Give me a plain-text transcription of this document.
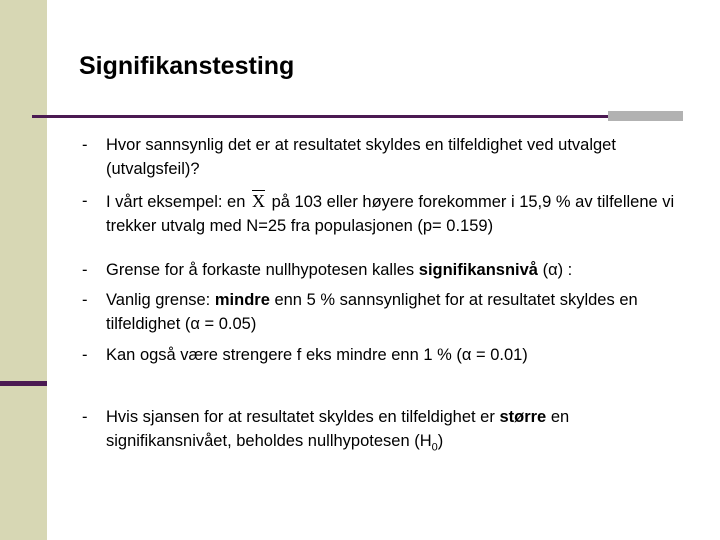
Signifikanstesting
- Hvor sannsynlig det er at resultatet skyldes en tilfeldighet ved utvalget (utvalgsfeil)?
- I vårt eksempel: en $\overline{X}$ på 103 eller høyere forekommer i 15,9 % av tilfellene vi trekker utvalg med N=25 fra populasjonen (p= 0.159)
- Grense for å forkaste nullhypotesen kalles signifikansnivå (α) :
- Vanlig grense: mindre enn 5 % sannsynlighet for at resultatet skyldes en tilfeldighet (α = 0.05)
- Kan også være strengere f eks mindre enn 1 % (α = 0.01)
- Hvis sjansen for at resultatet skyldes en tilfeldighet er større en signifikansnivået, beholdes nullhypotesen $(H_0)$
